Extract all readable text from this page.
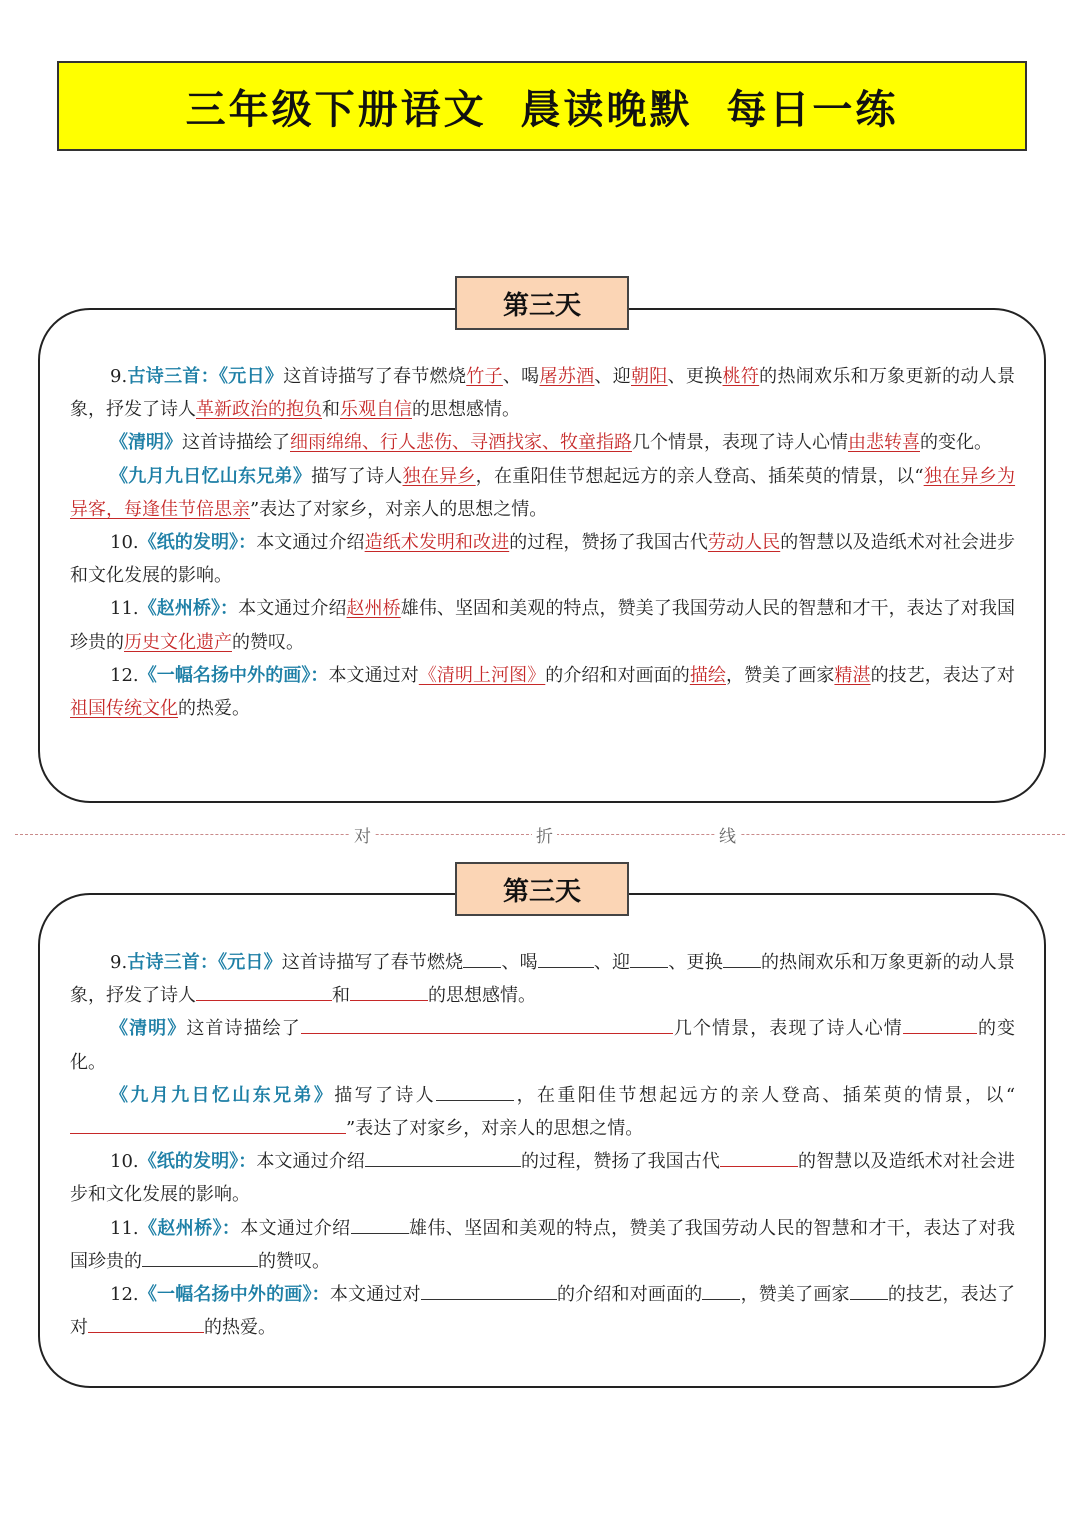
三年级下册语文  晨读晚默  每日一练
第三天

9.古诗三首：《元日》这首诗描写了春节燃烧竹子、喝屠苏酒、迎朝阳、更换桃符的热闹欢乐和万象更新的动人景象，抒发了诗人革新政治的抱负和乐观自信的思想感情。

《清明》这首诗描绘了细雨绵绵、行人悲伤、寻酒找家、牧童指路几个情景，表现了诗人心情由悲转喜的变化。

《九月九日忆山东兄弟》描写了诗人独在异乡，在重阳佳节想起远方的亲人登高、插茱萸的情景，以“独在异乡为异客，每逢佳节倍思亲”表达了对家乡，对亲人的思想之情。

10.《纸的发明》：本文通过介绍造纸术发明和改进的过程，赞扬了我国古代劳动人民的智慧以及造纸术对社会进步和文化发展的影响。

11.《赵州桥》：本文通过介绍赵州桥雄伟、坚固和美观的特点，赞美了我国劳动人民的智慧和才干，表达了对我国珍贵的历史文化遗产的赞叹。

12.《一幅名扬中外的画》：本文通过对《清明上河图》的介绍和对画面的描绘，赞美了画家精湛的技艺，表达了对祖国传统文化的热爱。

对	折	线
第三天

9.古诗三首：《元日》这首诗描写了春节燃烧 、喝	、迎 、更换 的热闹欢乐和万象更新的动人景象，抒发了诗人	和	的思想感情。

《清明》这首诗描绘了	几个情景，表现了诗人心情	的变化。

《九月九日忆山东兄弟》描写了诗人	，在重阳佳节想起远方的亲人登高、插茱萸的情景，以“”表达了对家乡，对亲人的思想之情。

10.《纸的发明》：本文通过介绍	的过程，赞扬了我国古代	的智慧以及造纸术对社会进步和文化发展的影响。

11.《赵州桥》：本文通过介绍	雄伟、坚固和美观的特点，赞美了我国劳动人民的智慧和才干，表达了对我国珍贵的	的赞叹。

12.《一幅名扬中外的画》：本文通过对	的介绍和对画面的 ，赞美了画家 的技艺，表达了对	的热爱。
